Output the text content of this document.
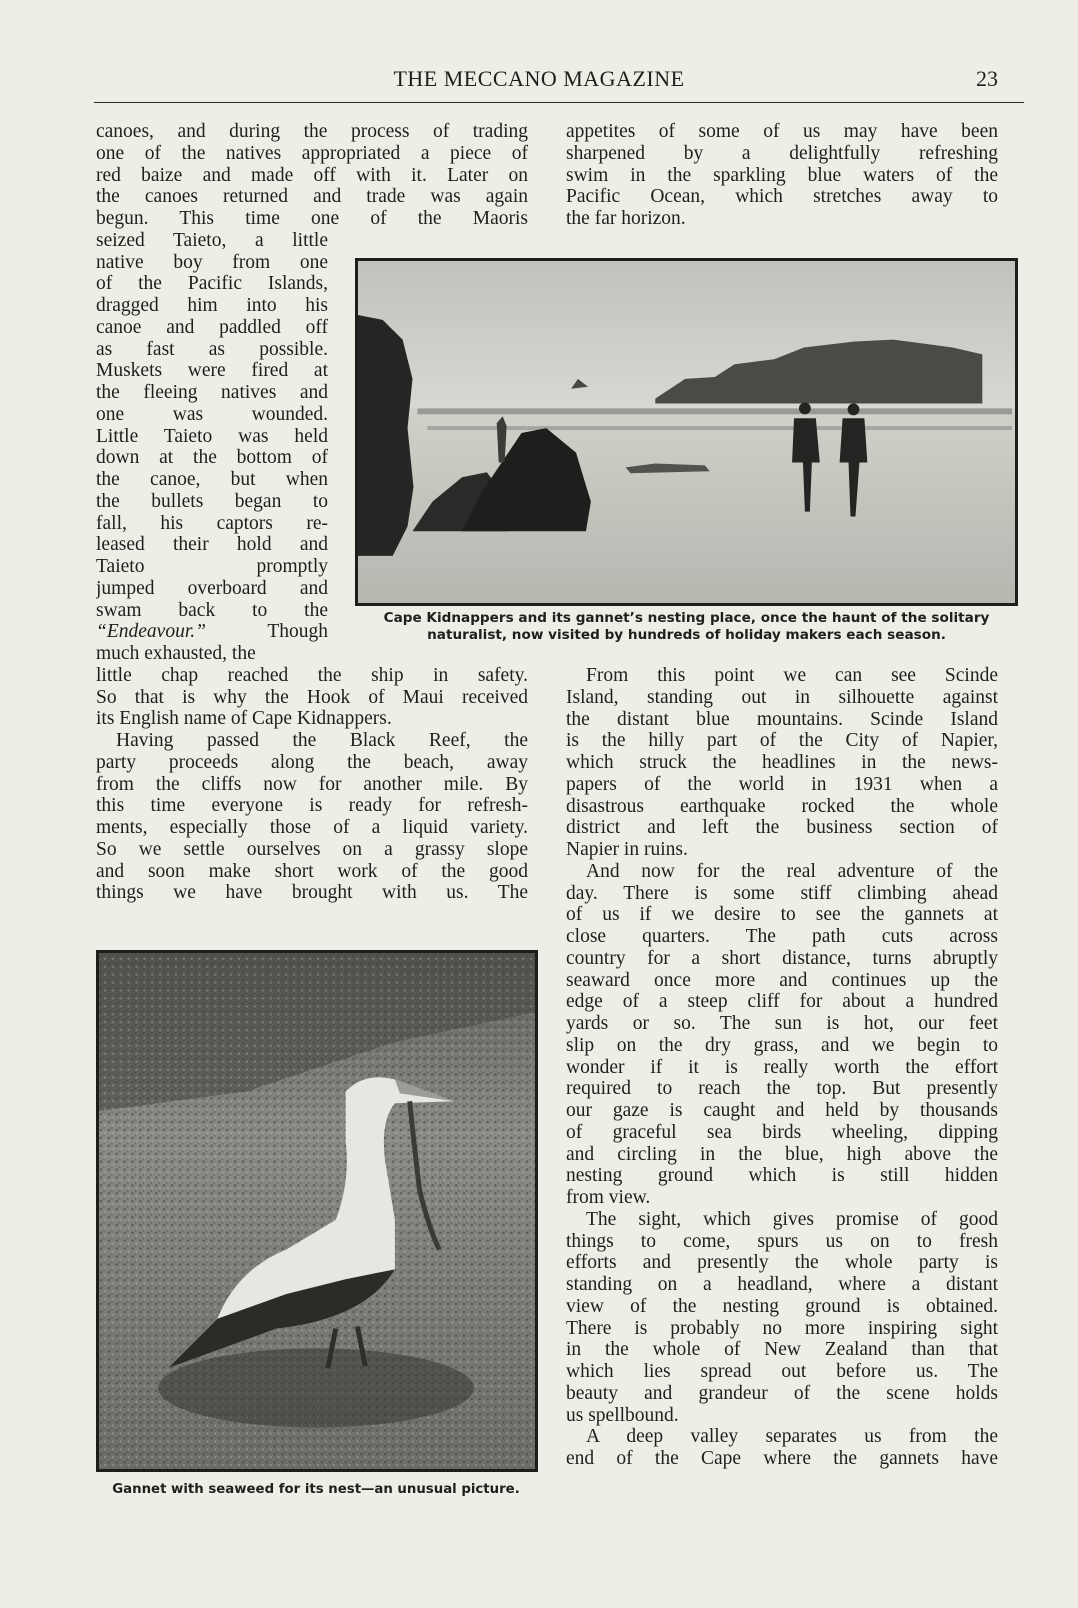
THE MECCANO MAGAZINE	23

canoes, and during the process of trading

one of the natives appropriated a piece of

red baize and made off with it. Later on

the canoes returned and trade was again

begun. This time one of the Maoris

seized Taieto, a little

native boy from one

of the Pacific Islands,

dragged him into his

canoe and paddled off

as fast as possible.

Muskets were fired at

the fleeing natives and

one was wounded.

Little Taieto was held

down at the bottom of

the canoe, but when

the bullets began to

fall, his captors re-

leased their hold and

Taieto promptly

jumped overboard and

swam back to the

“Endeavour.” Though

much exhausted, the

little chap reached the ship in safety.

So that is why the Hook of Maui received

its English name of Cape Kidnappers.

Having passed the Black Reef, the

party proceeds along the beach, away

from the cliffs now for another mile. By

this time everyone is ready for refresh-

ments, especially those of a liquid variety.

So we settle ourselves on a grassy slope

and soon make short work of the good

things we have brought with us. The

appetites of some of us may have been

sharpened by a delightfully refreshing

swim in the sparkling blue waters of the

Pacific Ocean, which stretches away to

the far horizon.

From this point we can see Scinde

Island, standing out in silhouette against

the distant blue mountains. Scinde Island

is the hilly part of the City of Napier,

which struck the headlines in the news-

papers of the world in 1931 when a

disastrous earthquake rocked the whole

district and left the business section of

Napier in ruins.

And now for the real adventure of the

day. There is some stiff climbing ahead

of us if we desire to see the gannets at

close quarters. The path cuts across

country for a short distance, turns abruptly

seaward once more and continues up the

edge of a steep cliff for about a hundred

yards or so. The sun is hot, our feet

slip on the dry grass, and we begin to

wonder if it is really worth the effort

required to reach the top. But presently

our gaze is caught and held by thousands

of graceful sea birds wheeling, dipping

and circling in the blue, high above the

nesting ground which is still hidden

from view.

The sight, which gives promise of good

things to come, spurs us on to fresh

efforts and presently the whole party is

standing on a headland, where a distant

view of the nesting ground is obtained.

There is probably no more inspiring sight

in the whole of New Zealand than that

which lies spread out before us. The

beauty and grandeur of the scene holds

us spellbound.

A deep valley separates us from the

end of the Cape where the gannets have

Cape Kidnappers and its gannet’s nesting place, once the haunt of the solitary

naturalist, now visited by hundreds of holiday makers each season.

Gannet with seaweed for its nest—an unusual picture.
